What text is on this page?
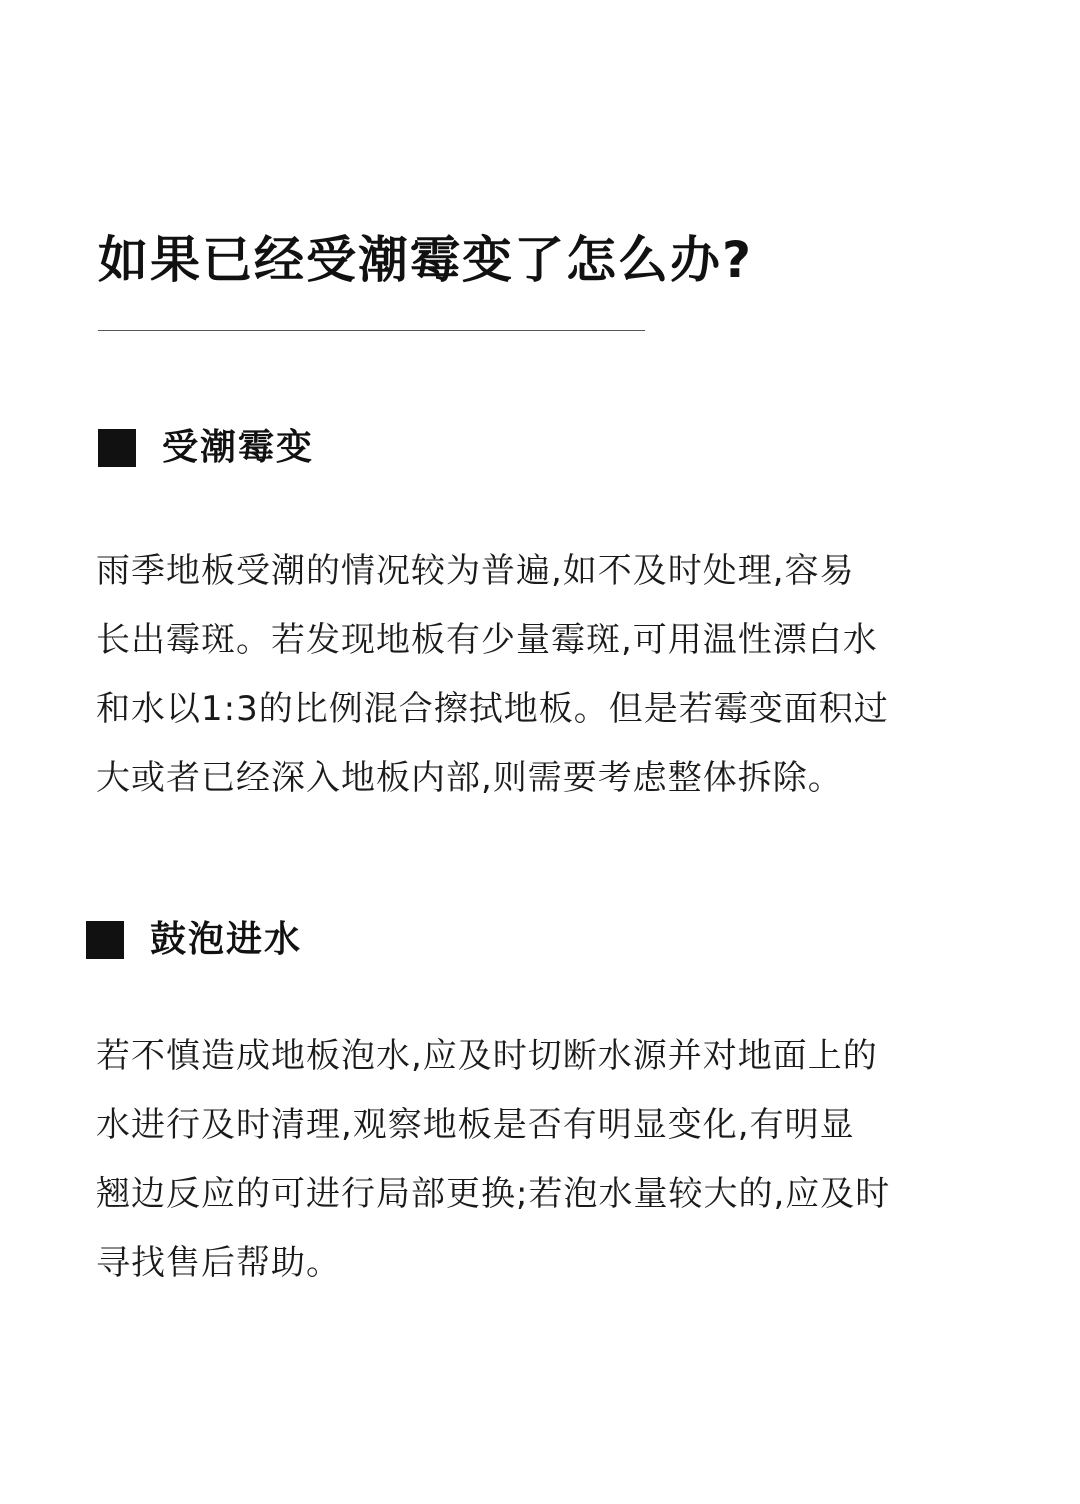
如果已经受潮霉变了怎么办?
受潮霉变

雨季地板受潮的情况较为普遍,如不及时处理,容易

长出霉斑。若发现地板有少量霉斑,可用温性漂白水

和水以1:3的比例混合擦拭地板。但是若霉变面积过

大或者已经深入地板内部,则需要考虑整体拆除。

鼓泡进水

若不慎造成地板泡水,应及时切断水源并对地面上的

水进行及时清理,观察地板是否有明显变化,有明显

翘边反应的可进行局部更换;若泡水量较大的,应及时

寻找售后帮助。
